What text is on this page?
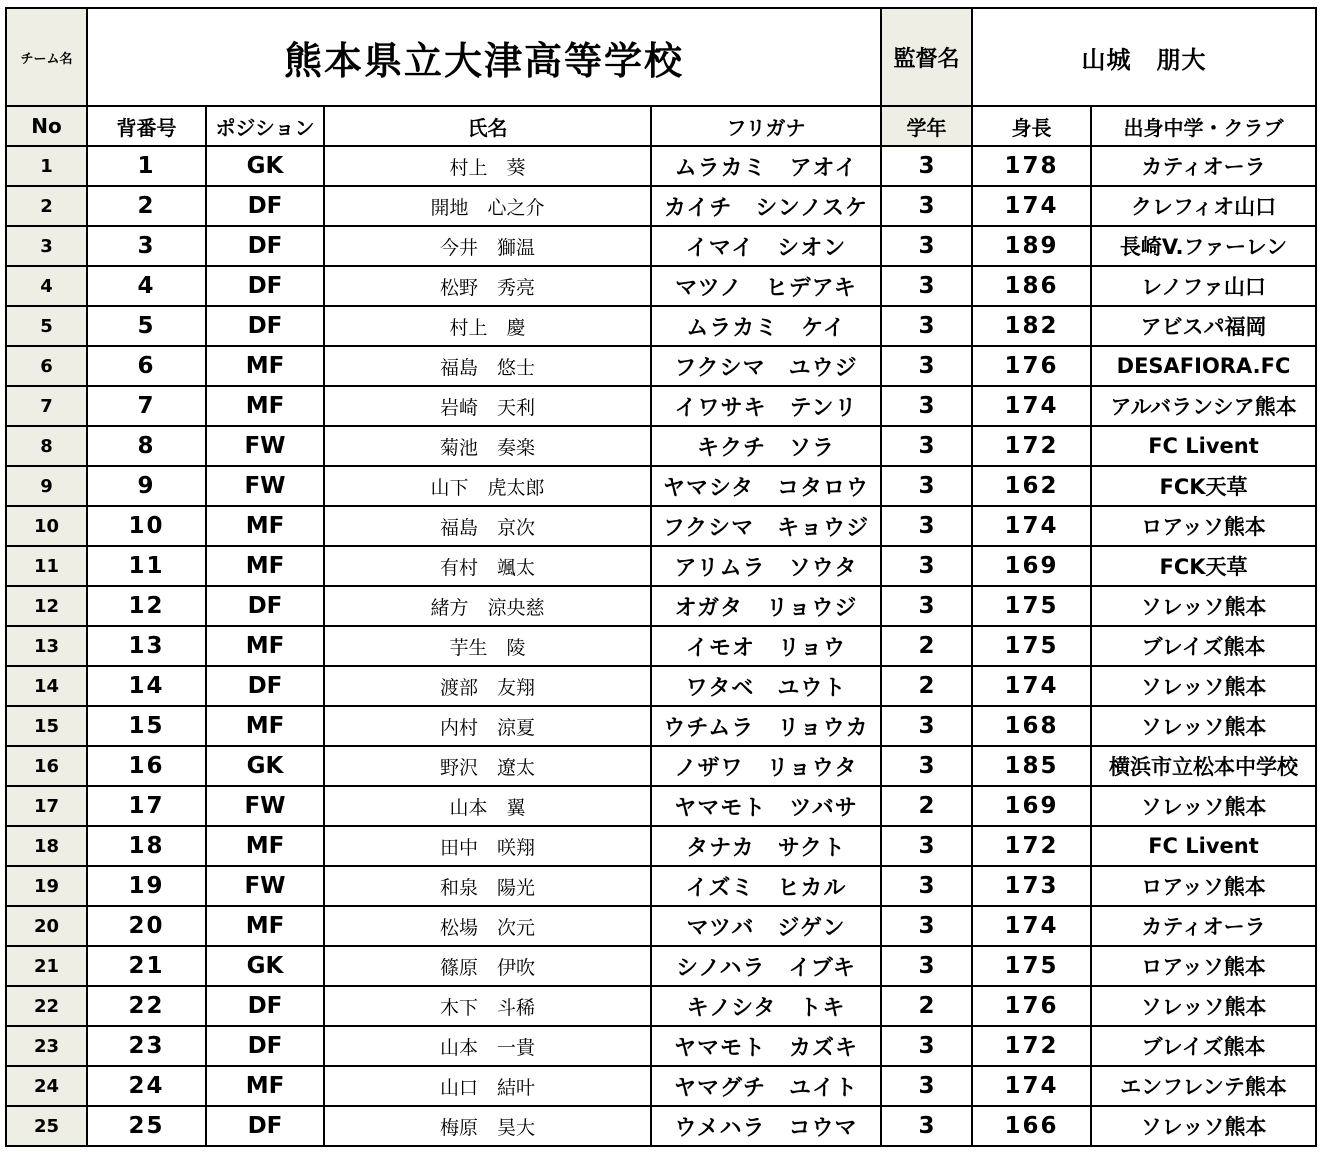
チーム名	熊本県立大津高等学校				監督名	山城　朋大	
No	背番号	ポジション	氏名	フリガナ	学年	身長	出身中学・クラブ
1	1	GK	村上　葵	ムラカミ　アオイ	3	178	カティオーラ
2	2	DF	開地　心之介	カイチ　シンノスケ	3	174	クレフィオ山口
3	3	DF	今井　獅温	イマイ　シオン	3	189	長崎V.ファーレン
4	4	DF	松野　秀亮	マツノ　ヒデアキ	3	186	レノファ山口
5	5	DF	村上　慶	ムラカミ　ケイ	3	182	アビスパ福岡
6	6	MF	福島　悠士	フクシマ　ユウジ	3	176	DESAFIORA.FC
7	7	MF	岩崎　天利	イワサキ　テンリ	3	174	アルバランシア熊本
8	8	FW	菊池　奏楽	キクチ　ソラ	3	172	FC Livent
9	9	FW	山下　虎太郎	ヤマシタ　コタロウ	3	162	FCK天草
10	10	MF	福島　京次	フクシマ　キョウジ	3	174	ロアッソ熊本
11	11	MF	有村　颯太	アリムラ　ソウタ	3	169	FCK天草
12	12	DF	緒方　涼央慈	オガタ　リョウジ	3	175	ソレッソ熊本
13	13	MF	芋生　陵	イモオ　リョウ	2	175	ブレイズ熊本
14	14	DF	渡部　友翔	ワタベ　ユウト	2	174	ソレッソ熊本
15	15	MF	内村　涼夏	ウチムラ　リョウカ	3	168	ソレッソ熊本
16	16	GK	野沢　遼太	ノザワ　リョウタ	3	185	横浜市立松本中学校
17	17	FW	山本　翼	ヤマモト　ツバサ	2	169	ソレッソ熊本
18	18	MF	田中　咲翔	タナカ　サクト	3	172	FC Livent
19	19	FW	和泉　陽光	イズミ　ヒカル	3	173	ロアッソ熊本
20	20	MF	松場　次元	マツバ　ジゲン	3	174	カティオーラ
21	21	GK	篠原　伊吹	シノハラ　イブキ	3	175	ロアッソ熊本
22	22	DF	木下　斗稀	キノシタ　トキ	2	176	ソレッソ熊本
23	23	DF	山本　一貴	ヤマモト　カズキ	3	172	ブレイズ熊本
24	24	MF	山口　結叶	ヤマグチ　ユイト	3	174	エンフレンテ熊本
25	25	DF	梅原　昊大	ウメハラ　コウマ	3	166	ソレッソ熊本
